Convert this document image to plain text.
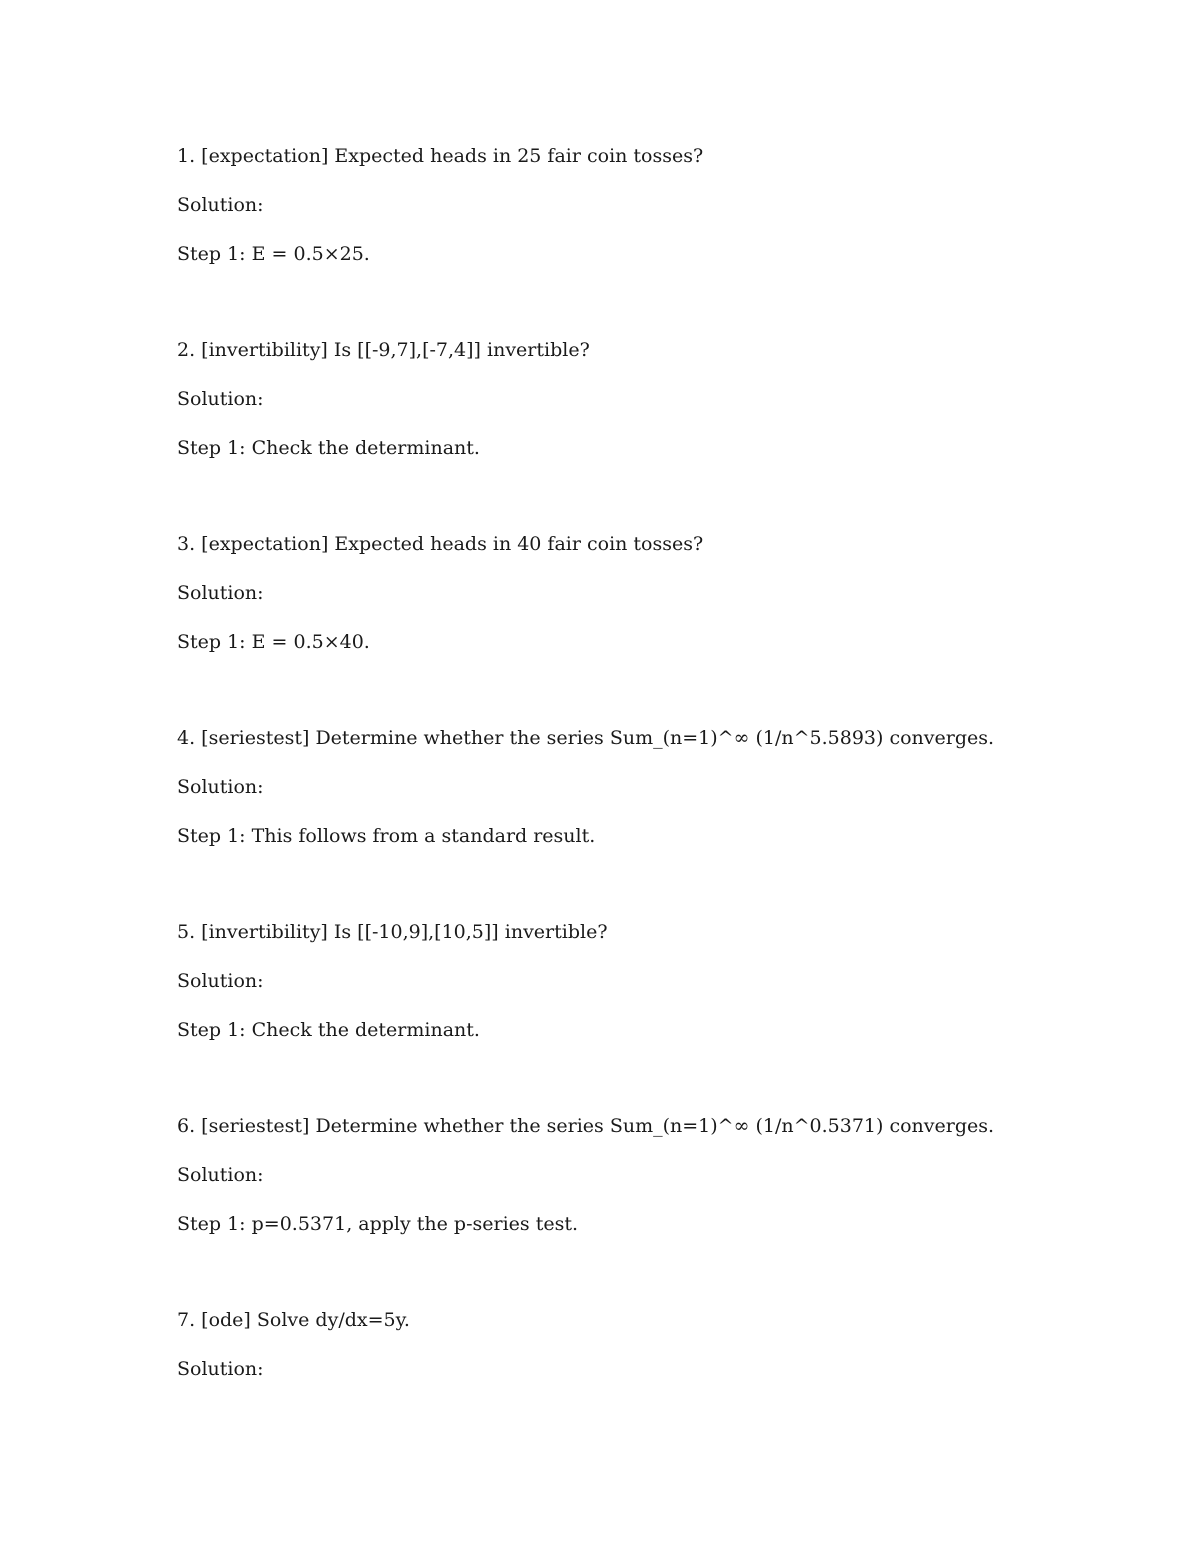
1. [expectation] Expected heads in 25 fair coin tosses?

Solution:

Step 1: E = 0.5×25.

2. [invertibility] Is [[-9,7],[-7,4]] invertible?

Solution:

Step 1: Check the determinant.

3. [expectation] Expected heads in 40 fair coin tosses?

Solution:

Step 1: E = 0.5×40.

4. [seriestest] Determine whether the series Sum_(n=1)^∞ (1/n^5.5893) converges.

Solution:

Step 1: This follows from a standard result.

5. [invertibility] Is [[-10,9],[10,5]] invertible?

Solution:

Step 1: Check the determinant.

6. [seriestest] Determine whether the series Sum_(n=1)^∞ (1/n^0.5371) converges.

Solution:

Step 1: p=0.5371, apply the p-series test.

7. [ode] Solve dy/dx=5y.

Solution:
